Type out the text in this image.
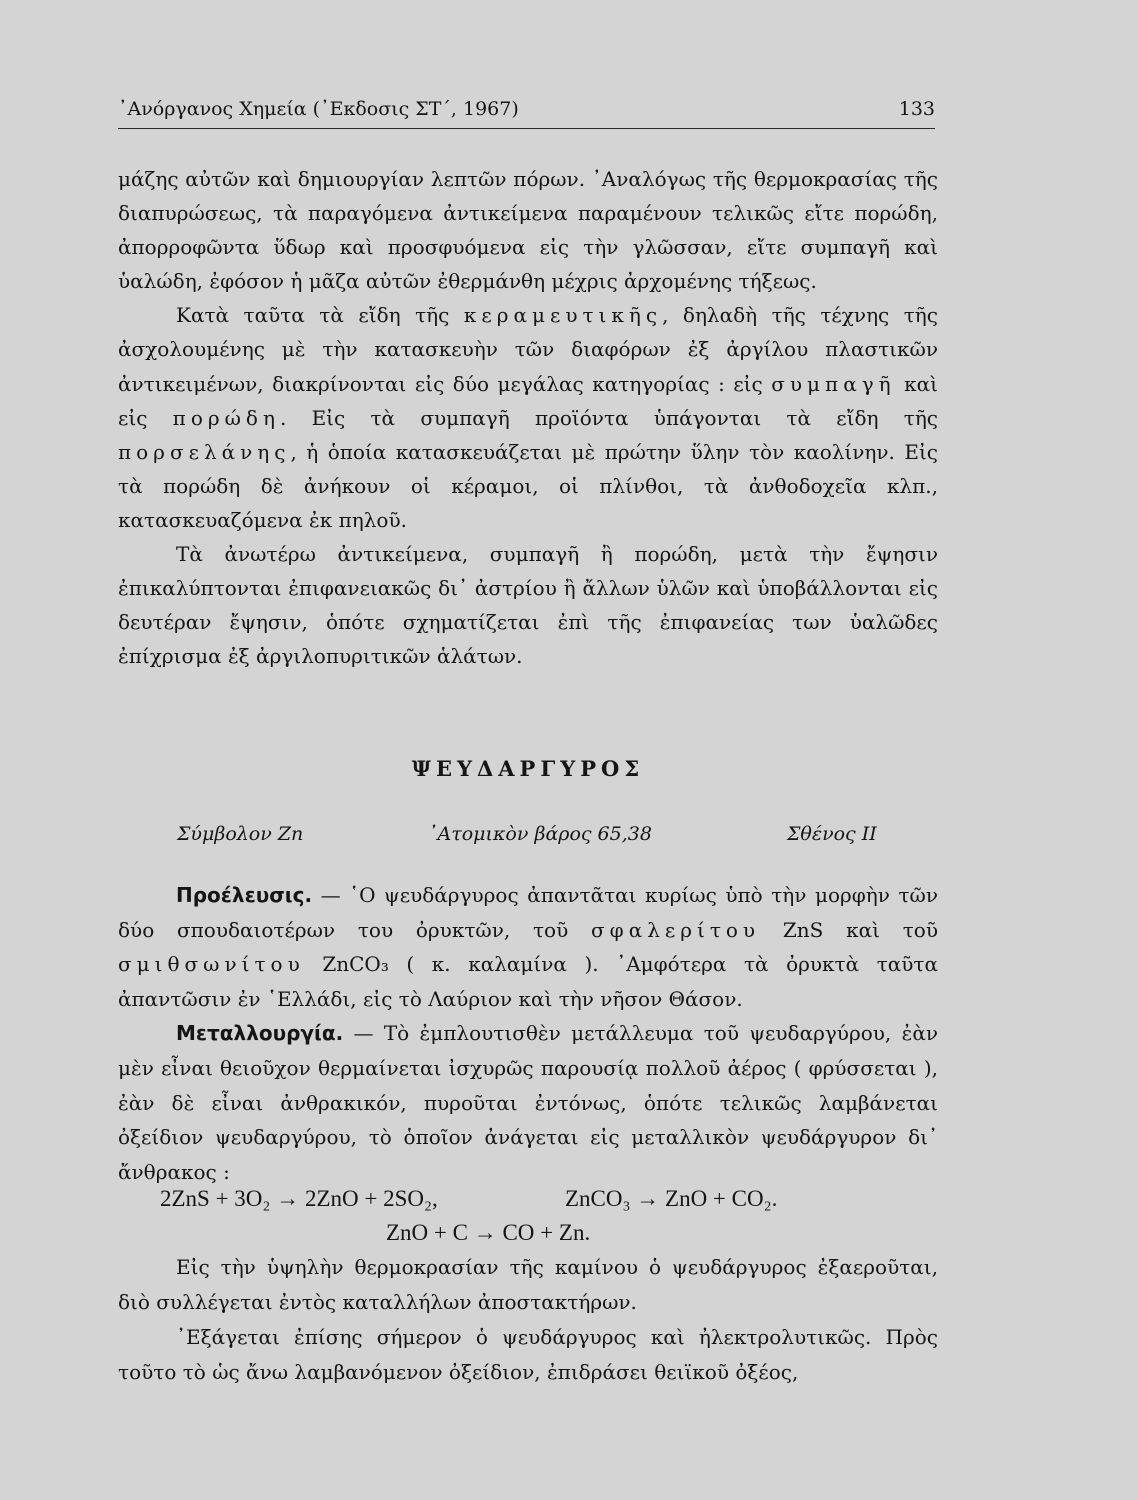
᾿Ανόργανος Χημεία (᾿Εκδοσις ΣΤ΄, 1967)	133

μάζης αὐτῶν καὶ δημιουργίαν λεπτῶν πόρων. ᾿Αναλόγως τῆς θερμοκρασίας τῆς διαπυρώσεως, τὰ παραγόμενα ἀντικείμενα παραμένουν τελικῶς εἴτε πορώδη, ἀπορροφῶντα ὕδωρ καὶ προσφυόμενα εἰς τὴν γλῶσσαν, εἴτε συμπαγῆ καὶ ὑαλώδη, ἐφόσον ἡ μᾶζα αὐτῶν ἐθερμάνθη μέχρις ἀρχομένης τήξεως.

Κατὰ ταῦτα τὰ εἴδη τῆς κεραμευτικῆς, δηλαδὴ τῆς τέχνης τῆς ἀσχολουμένης μὲ τὴν κατασκευὴν τῶν διαφόρων ἐξ ἀργίλου πλαστικῶν ἀντικειμένων, διακρίνονται εἰς δύο μεγάλας κατηγορίας : εἰς συμπαγῆ καὶ εἰς πορώδη. Εἰς τὰ συμπαγῆ προϊόντα ὑπάγονται τὰ εἴδη τῆς πορσελάνης, ἡ ὁποία κατασκευάζεται μὲ πρώτην ὕλην τὸν καολίνην. Εἰς τὰ πορώδη δὲ ἀνήκουν οἱ κέραμοι, οἱ πλίνθοι, τὰ ἀνθοδοχεῖα κλπ., κατασκευαζόμενα ἐκ πηλοῦ.

Τὰ ἀνωτέρω ἀντικείμενα, συμπαγῆ ἢ πορώδη, μετὰ τὴν ἔψησιν ἐπικαλύπτονται ἐπιφανειακῶς δι᾿ ἀστρίου ἢ ἄλλων ὑλῶν καὶ ὑποβάλλονται εἰς δευτέραν ἔψησιν, ὁπότε σχηματίζεται ἐπὶ τῆς ἐπιφανείας των ὑαλῶδες ἐπίχρισμα ἐξ ἀργιλοπυριτικῶν ἁλάτων.

ΨΕΥΔΑΡΓΥΡΟΣ
Σύμβολον Zn	᾿Ατομικὸν βάρος 65,38	Σθένος II

Προέλευσις. — ῾Ο ψευδάργυρος ἀπαντᾶται κυρίως ὑπὸ τὴν μορφὴν τῶν δύο σπουδαιοτέρων του ὀρυκτῶν, τοῦ σφαλερίτου ZnS καὶ τοῦ σμιθσωνίτου ZnCO₃ ( κ. καλαμίνα ). ᾿Αμφότερα τὰ ὀρυκτὰ ταῦτα ἀπαντῶσιν ἐν ῾Ελλάδι, εἰς τὸ Λαύριον καὶ τὴν νῆσον Θάσον.

Μεταλλουργία. — Τὸ ἐμπλουτισθὲν μετάλλευμα τοῦ ψευδαργύρου, ἐὰν μὲν εἶναι θειοῦχον θερμαίνεται ἰσχυρῶς παρουσίᾳ πολλοῦ ἀέρος ( φρύσσεται ), ἐὰν δὲ εἶναι ἀνθρακικόν, πυροῦται ἐντόνως, ὁπότε τελικῶς λαμβάνεται ὀξείδιον ψευδαργύρου, τὸ ὁποῖον ἀνάγεται εἰς μεταλλικὸν ψευδάργυρον δι᾿ ἄνθρακος :

2ZnS + 3O₂ → 2ZnO + 2SO₂,	ZnCO₃ → ZnO + CO₂.
ZnO + C → CO + Zn.

Εἰς τὴν ὑψηλὴν θερμοκρασίαν τῆς καμίνου ὁ ψευδάργυρος ἐξαεροῦται, διὸ συλλέγεται ἐντὸς καταλλήλων ἀποστακτήρων.

᾿Εξάγεται ἐπίσης σήμερον ὁ ψευδάργυρος καὶ ἠλεκτρολυτικῶς. Πρὸς τοῦτο τὸ ὡς ἄνω λαμβανόμενον ὀξείδιον, ἐπιδράσει θειϊκοῦ ὀξέος,
